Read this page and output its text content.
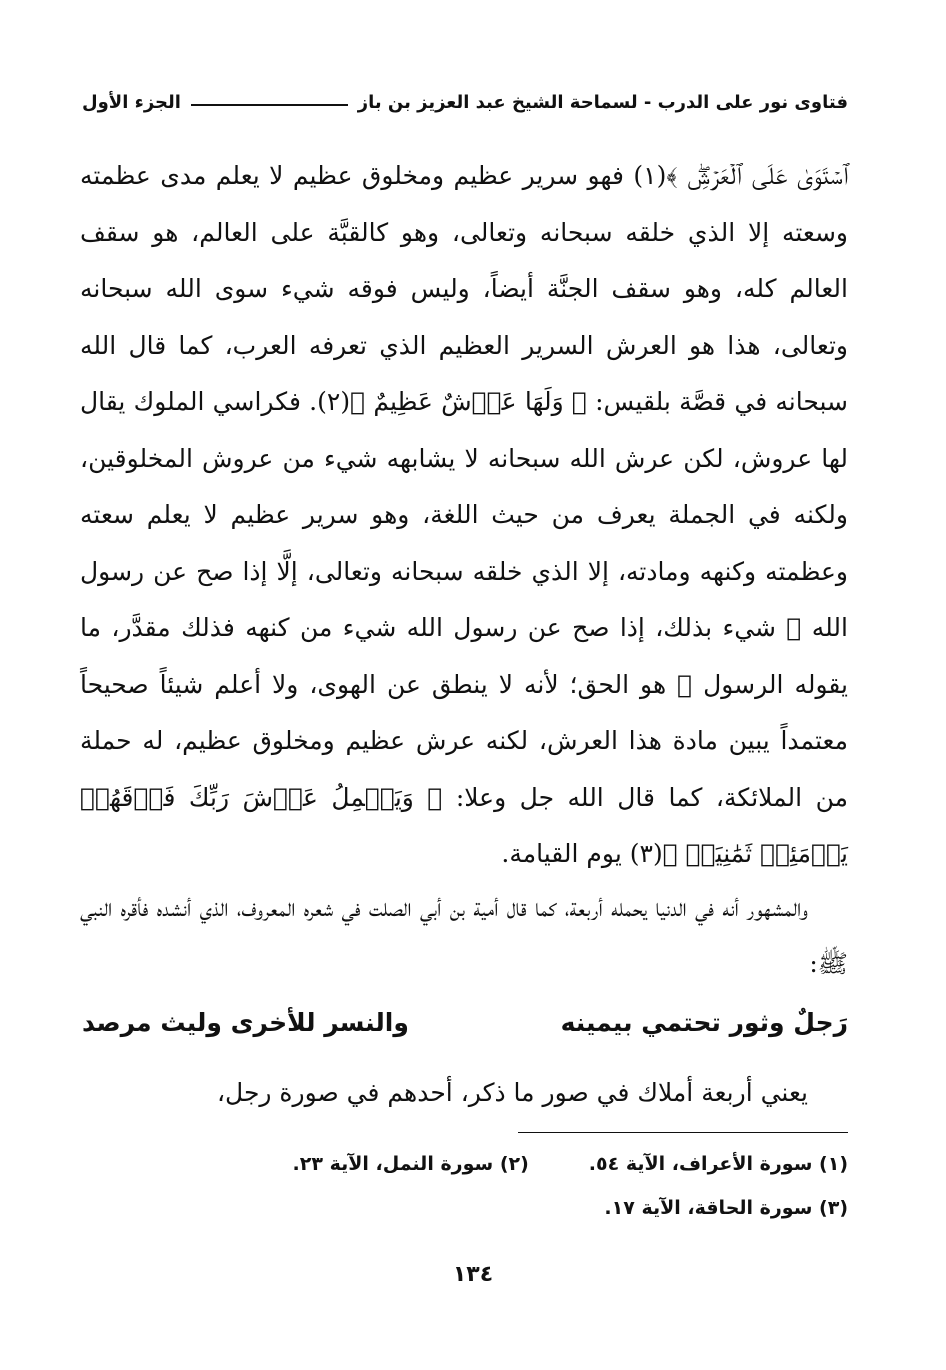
فتاوى نور على الدرب - لسماحة الشيخ عبد العزيز بن باز
الجزء الأول

ﭐﺳۡﺘَﻮَﻯٰ ﻋَﻠَﻰ ﭐﻟۡﻌَﺮۡﺵِۖ ﴾(١) فهو سرير عظيم ومخلوق عظيم لا يعلم مدى عظمته وسعته إلا الذي خلقه سبحانه وتعالى، وهو كالقبَّة على العالم، هو سقف العالم كله، وهو سقف الجنَّة أيضاً، وليس فوقه شيء سوى الله سبحانه وتعالى، هذا هو العرش السرير العظيم الذي تعرفه العرب، كما قال الله سبحانه في قصَّة بلقيس: ﴿ وَلَهَا عَرۡشٌ عَظِيمٌ ﴾(٢). فكراسي الملوك يقال لها عروش، لكن عرش الله سبحانه لا يشابهه شيء من عروش المخلوقين، ولكنه في الجملة يعرف من حيث اللغة، وهو سرير عظيم لا يعلم سعته وعظمته وكنهه ومادته، إلا الذي خلقه سبحانه وتعالى، إلَّا إذا صح عن رسول الله ﷺ شيء بذلك، إذا صح عن رسول الله شيء من كنهه فذلك مقدَّر، ما يقوله الرسول ﷺ هو الحق؛ لأنه لا ينطق عن الهوى، ولا أعلم شيئاً صحيحاً معتمداً يبين مادة هذا العرش، لكنه عرش عظيم ومخلوق عظيم، له حملة من الملائكة، كما قال الله جل وعلا: ﴿ وَيَحۡمِلُ عَرۡشَ رَبِّكَ فَوۡقَهُمۡ يَوۡمَئِذٖ ثَمَٰنِيَةٞ ﴾(٣) يوم القيامة.

والمشهور أنه في الدنيا يحمله أربعة، كما قال أمية بن أبي الصلت في شعره المعروف، الذي أنشده فأقره النبي ﷺ:

رَجلٌ وثور تحتمي بيمينه
والنسر للأخرى وليث مرصد

يعني أربعة أملاك في صور ما ذكر، أحدهم في صورة رجل،

(١) سورة الأعراف، الآية ٥٤.
(٢) سورة النمل، الآية ٢٣.
(٣) سورة الحاقة، الآية ١٧.
١٣٤
